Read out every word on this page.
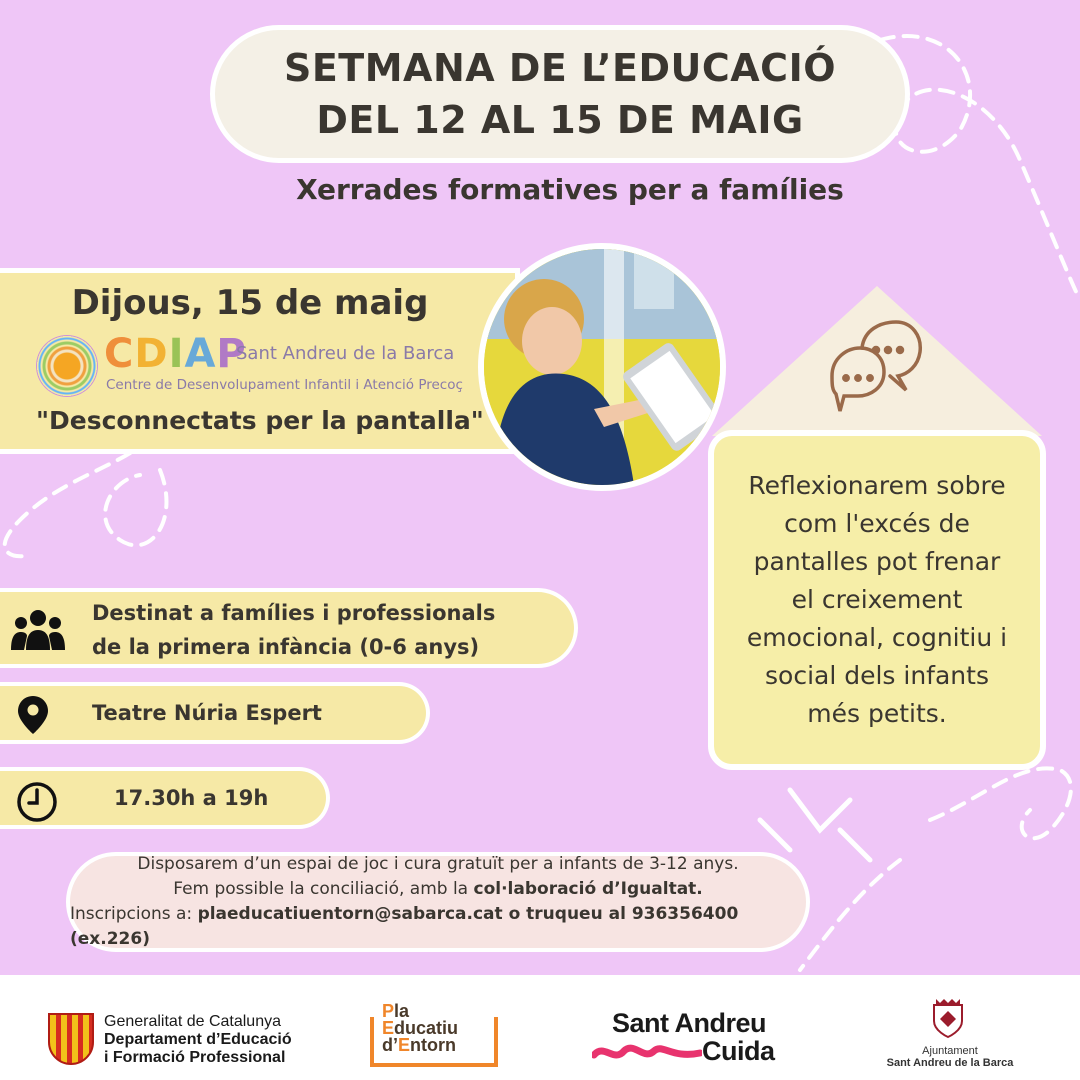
SETMANA DE L’EDUCACIÓ
DEL 12 AL 15 DE MAIG
Xerrades formatives per a famílies
Dijous, 15 de maig
CDIAP
Sant Andreu de la Barca
Centre de Desenvolupament Infantil i Atenció Precoç
"Desconnectats per la pantalla"
Reflexionarem sobre
com l'excés de
pantalles pot frenar
el creixement
emocional, cognitiu i
social dels infants
més petits.
Destinat a famílies i professionals
de la primera infància (0-6 anys)
Teatre Núria Espert
17.30h a 19h
Disposarem d’un espai de joc i cura gratuït per a infants de 3-12 anys.
Fem possible la conciliació, amb la col·laboració d’Igualtat.
Inscripcions a: plaeducatiuentorn@sabarca.cat o truqueu al 936356400 (ex.226)
Generalitat de Catalunya
Departament d’Educació
i Formació Professional
Pla
Educatiu
d’Entorn
Sant Andreu
Cuida	Ajuntament
Sant Andreu de la Barca
